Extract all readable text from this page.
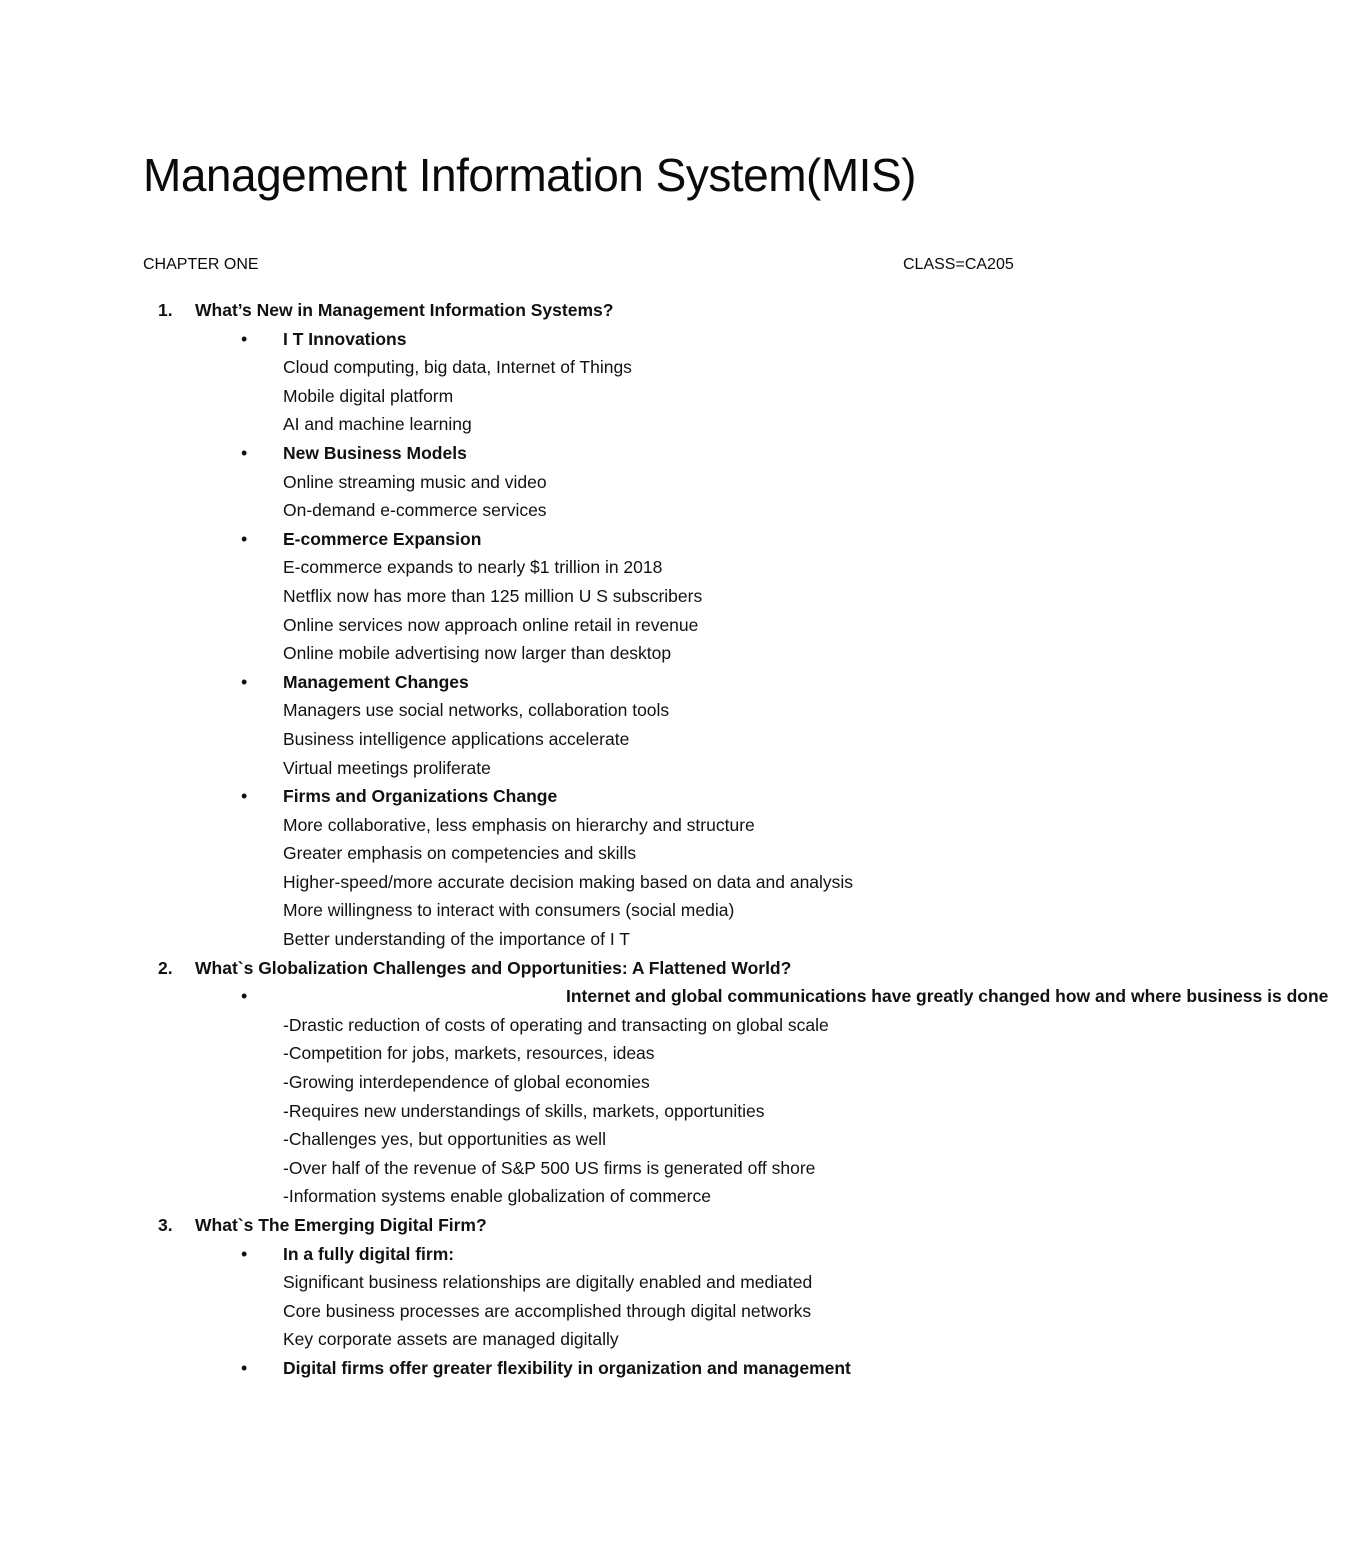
Management Information System(MIS)
CHAPTER ONE	CLASS=CA205
1. What’s New in Management Information Systems?
• I T Innovations
Cloud computing, big data, Internet of Things
Mobile digital platform
AI and machine learning
• New Business Models
Online streaming music and video
On-demand e-commerce services
• E-commerce Expansion
E-commerce expands to nearly $1 trillion in 2018
Netflix now has more than 125 million U S subscribers
Online services now approach online retail in revenue
Online mobile advertising now larger than desktop
• Management Changes
Managers use social networks, collaboration tools
Business intelligence applications accelerate
Virtual meetings proliferate
• Firms and Organizations Change
More collaborative, less emphasis on hierarchy and structure
Greater emphasis on competencies and skills
Higher-speed/more accurate decision making based on data and analysis
More willingness to interact with consumers (social media)
Better understanding of the importance of I T
2. What`s Globalization Challenges and Opportunities: A Flattened World?
•	Internet and global communications have greatly changed how and where business is done
-Drastic reduction of costs of operating and transacting on global scale
-Competition for jobs, markets, resources, ideas
-Growing interdependence of global economies
-Requires new understandings of skills, markets, opportunities
-Challenges yes, but opportunities as well
-Over half of the revenue of S&P 500 US firms is generated off shore
-Information systems enable globalization of commerce
3. What`s The Emerging Digital Firm?
• In a fully digital firm:
Significant business relationships are digitally enabled and mediated
Core business processes are accomplished through digital networks
Key corporate assets are managed digitally
• Digital firms offer greater flexibility in organization and management
